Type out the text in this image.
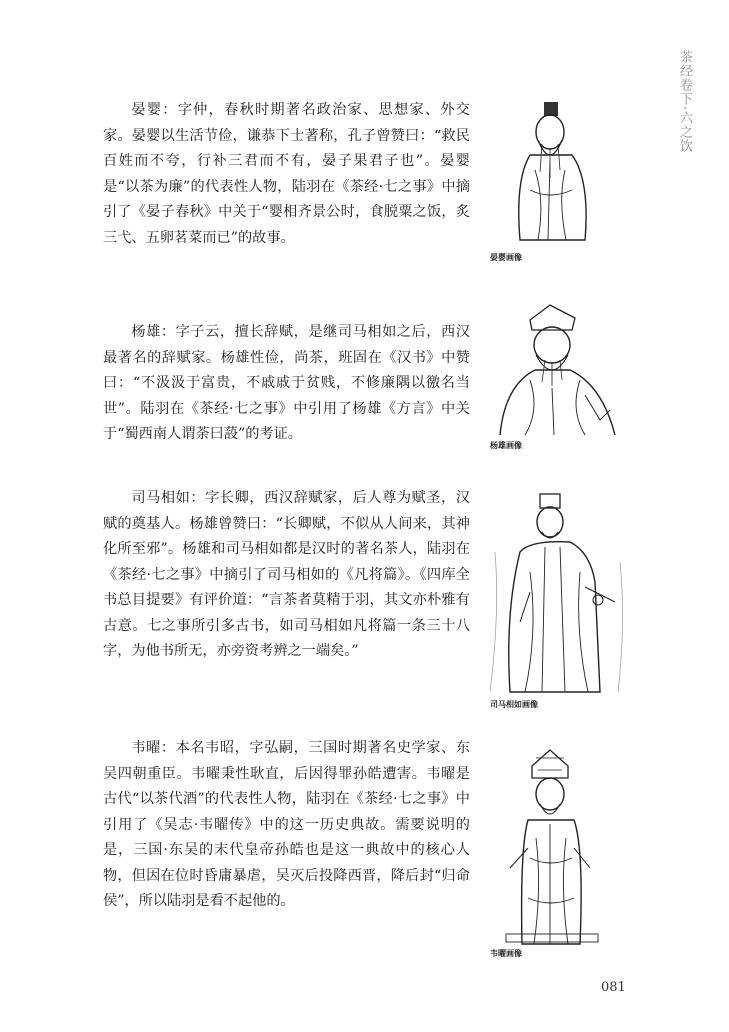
茶经卷下·六之饮

晏婴：字仲，春秋时期著名政治家、思想家、外交家。晏婴以生活节俭，谦恭下士著称，孔子曾赞曰：“救民百姓而不夸，行补三君而不有，晏子果君子也”。晏婴是“以茶为廉”的代表性人物，陆羽在《茶经·七之事》中摘引了《晏子春秋》中关于“婴相齐景公时，食脱粟之饭，炙三弋、五卵茗菜而已”的故事。

晏婴画像

杨雄：字子云，擅长辞赋，是继司马相如之后，西汉最著名的辞赋家。杨雄性俭，尚茶，班固在《汉书》中赞曰：“不汲汲于富贵，不戚戚于贫贱，不修廉隅以徼名当世”。陆羽在《茶经·七之事》中引用了杨雄《方言》中关于“蜀西南人谓荼曰蔎”的考证。

杨雄画像

司马相如：字长卿，西汉辞赋家，后人尊为赋圣，汉赋的奠基人。杨雄曾赞曰：“长卿赋，不似从人间来，其神化所至邪”。杨雄和司马相如都是汉时的著名茶人，陆羽在《茶经·七之事》中摘引了司马相如的《凡将篇》。《四库全书总目提要》有评价道：“言茶者莫精于羽，其文亦朴雅有古意。七之事所引多古书，如司马相如凡将篇一条三十八字，为他书所无，亦旁资考辨之一端矣。”

司马相如画像

韦曜：本名韦昭，字弘嗣，三国时期著名史学家、东吴四朝重臣。韦曜秉性耿直，后因得罪孙皓遭害。韦曜是古代“以茶代酒”的代表性人物，陆羽在《茶经·七之事》中引用了《吴志·韦曜传》中的这一历史典故。需要说明的是，三国·东吴的末代皇帝孙皓也是这一典故中的核心人物，但因在位时昏庸暴虐，吴灭后投降西晋，降后封“归命侯”，所以陆羽是看不起他的。

韦曜画像
081
